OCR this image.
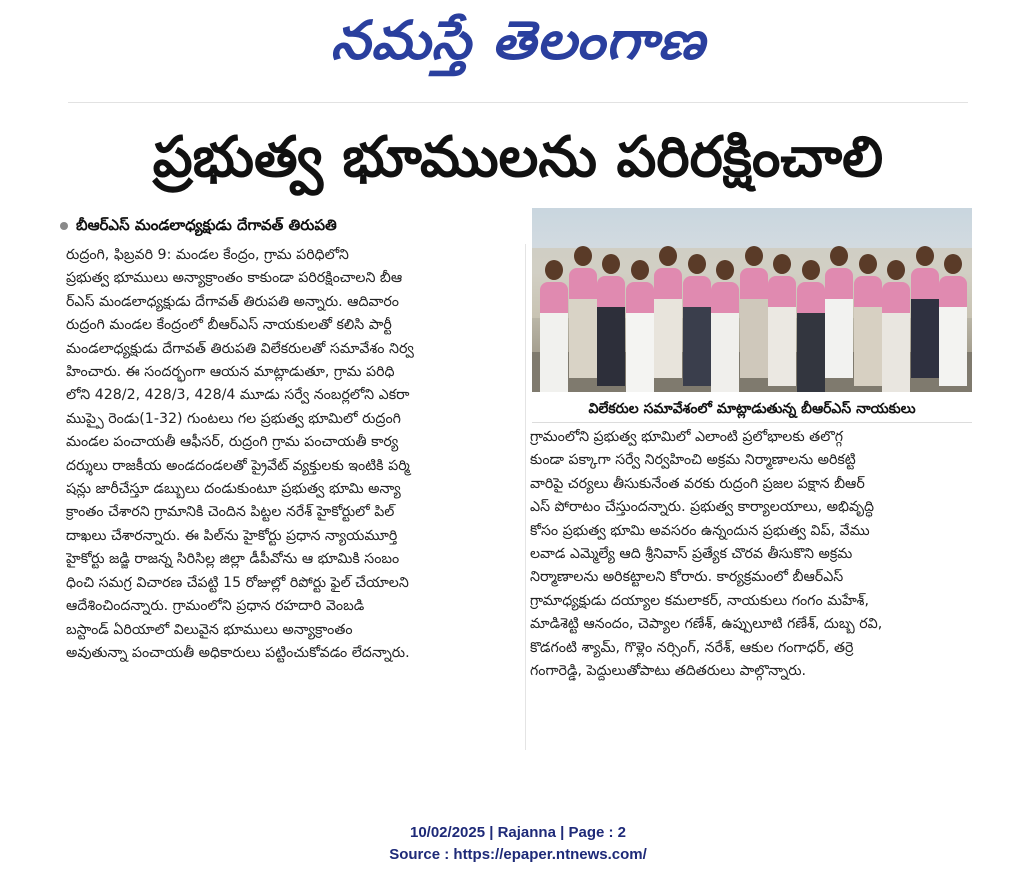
నమస్తే తెలంగాణ
ప్రభుత్వ భూములను పరిరక్షించాలి
బీఆర్‌ఎస్ మండలాధ్యక్షుడు దేగావత్ తిరుపతి
రుద్రంగి, ఫిబ్రవరి 9: మండల కేంద్రం, గ్రామ పరిధిలోని
ప్రభుత్వ భూములు అన్యాక్రాంతం కాకుండా పరిరక్షించాలని బీఆ
ర్ఎస్ మండలాధ్యక్షుడు దేగావత్ తిరుపతి అన్నారు. ఆదివారం
రుద్రంగి మండల కేంద్రంలో బీఆర్‌ఎస్ నాయకులతో కలిసి పార్టీ
మండలాధ్యక్షుడు దేగావత్ తిరుపతి విలేకరులతో సమావేశం నిర్వ
హించారు. ఈ సందర్భంగా ఆయన మాట్లాడుతూ, గ్రామ పరిధి
లోని 428/2, 428/3, 428/4 మూడు సర్వే నంబర్లలోని ఎకరా
ముప్పై రెండు(1-32) గుంటలు గల ప్రభుత్వ భూమిలో రుద్రంగి
మండల పంచాయతీ ఆఫీసర్, రుద్రంగి గ్రామ పంచాయతీ కార్య
దర్శులు రాజకీయ అండదండలతో ప్రైవేట్ వ్యక్తులకు ఇంటికి పర్మి
షన్లు జారీచేస్తూ డబ్బులు దండుకుంటూ ప్రభుత్వ భూమి అన్యా
క్రాంతం చేశారని గ్రామానికి చెందిన పిట్టల నరేశ్ హైకోర్టులో పిల్
దాఖలు చేశారన్నారు. ఈ పిల్‌ను హైకోర్టు ప్రధాన న్యాయమూర్తి
హైకోర్టు జడ్జి రాజన్న సిరిసిల్ల జిల్లా డీపీవోను ఆ భూమికి సంబం
ధించి సమగ్ర విచారణ చేపట్టి 15 రోజుల్లో రిపోర్టు ఫైల్ చేయాలని
ఆదేశించిందన్నారు. గ్రామంలోని ప్రధాన రహదారి వెంబడి
బస్టాండ్ ఏరియాలో విలువైన భూములు అన్యాక్రాంతం
అవుతున్నా పంచాయతీ అధికారులు పట్టించుకోవడం లేదన్నారు.
విలేకరుల సమావేశంలో మాట్లాడుతున్న బీఆర్‌ఎస్ నాయకులు
గ్రామంలోని ప్రభుత్వ భూమిలో ఎలాంటి ప్రలోభాలకు తలొగ్గ
కుండా పక్కాగా సర్వే నిర్వహించి అక్రమ నిర్మాణాలను అరికట్టి
వారిపై చర్యలు తీసుకునేంత వరకు రుద్రంగి ప్రజల పక్షాన బీఆర్
ఎస్ పోరాటం చేస్తుందన్నారు. ప్రభుత్వ కార్యాలయాలు, అభివృద్ధి
కోసం ప్రభుత్వ భూమి అవసరం ఉన్నందున ప్రభుత్వ విప్, వేము
లవాడ ఎమ్మెల్యే ఆది శ్రీనివాస్ ప్రత్యేక చొరవ తీసుకొని అక్రమ
నిర్మాణాలను అరికట్టాలని కోరారు. కార్యక్రమంలో బీఆర్‌ఎస్
గ్రామాధ్యక్షుడు దయ్యాల కమలాకర్, నాయకులు గంగం మహేశ్,
మాడిశెట్టి ఆనందం, చెప్యాల గణేశ్, ఉప్పులూటి గణేశ్, దుబ్బ రవి,
కొడగంటి శ్యామ్, గొళ్లెం నర్సింగ్, నరేశ్, ఆకుల గంగాధర్, తర్రె
గంగారెడ్డి, పెద్దులుతోపాటు తదితరులు పాల్గొన్నారు.
10/02/2025 | Rajanna | Page : 2
Source : https://epaper.ntnews.com/
